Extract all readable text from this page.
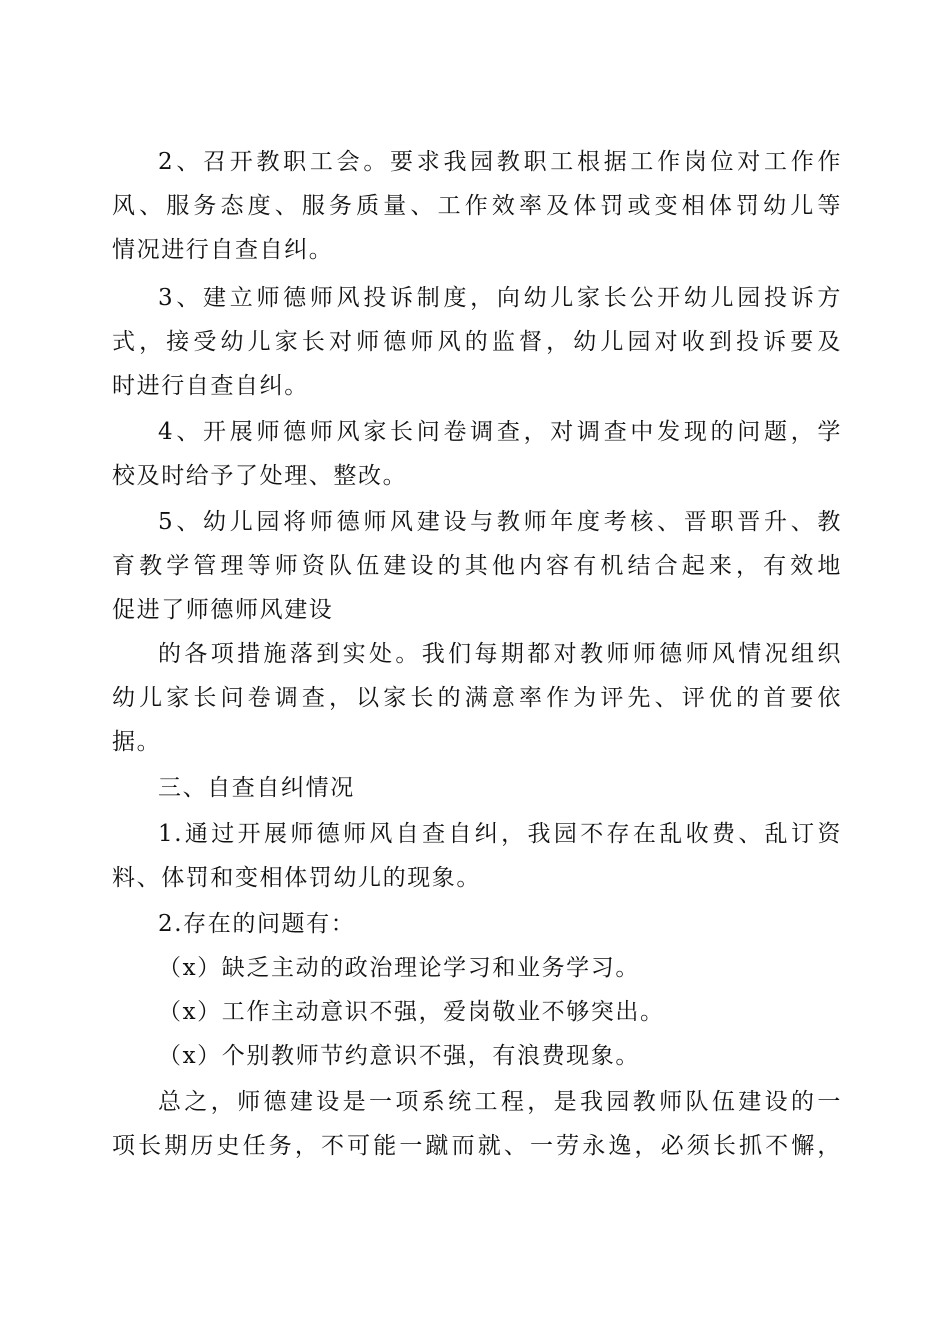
2、召开教职工会。要求我园教职工根据工作岗位对工作作
风、服务态度、服务质量、工作效率及体罚或变相体罚幼儿等
情况进行自查自纠。
3、建立师德师风投诉制度，向幼儿家长公开幼儿园投诉方
式，接受幼儿家长对师德师风的监督，幼儿园对收到投诉要及
时进行自查自纠。
4、开展师德师风家长问卷调查，对调查中发现的问题，学
校及时给予了处理、整改。
5、幼儿园将师德师风建设与教师年度考核、晋职晋升、教
育教学管理等师资队伍建设的其他内容有机结合起来，有效地
促进了师德师风建设
的各项措施落到实处。我们每期都对教师师德师风情况组织
幼儿家长问卷调查，以家长的满意率作为评先、评优的首要依
据。
三、自查自纠情况
1.通过开展师德师风自查自纠，我园不存在乱收费、乱订资
料、体罚和变相体罚幼儿的现象。
2.存在的问题有：
（x）缺乏主动的政治理论学习和业务学习。
（x）工作主动意识不强，爱岗敬业不够突出。
（x）个别教师节约意识不强，有浪费现象。
总之，师德建设是一项系统工程，是我园教师队伍建设的一
项长期历史任务，不可能一蹴而就、一劳永逸，必须长抓不懈，
